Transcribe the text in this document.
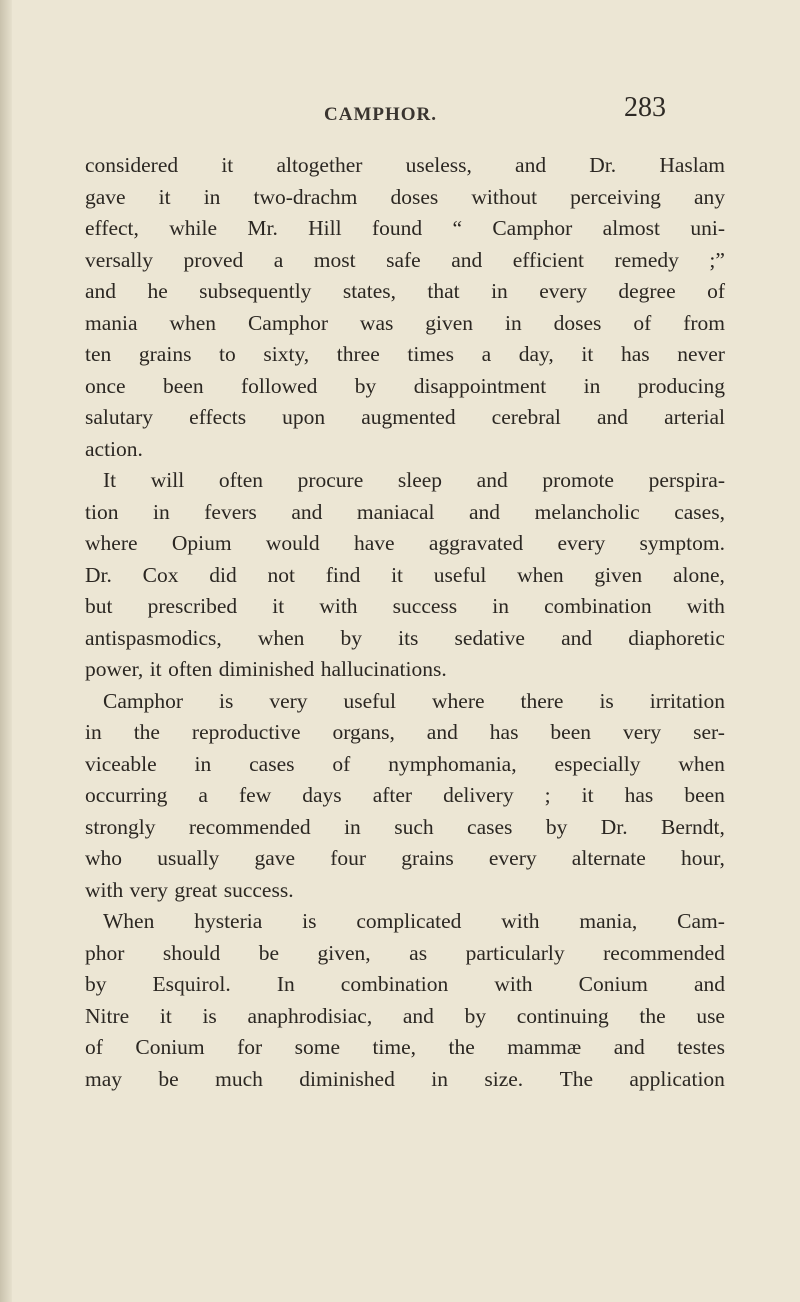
CAMPHOR.	283
considered it altogether useless, and Dr. Haslam
gave it in two-drachm doses without perceiving any
effect, while Mr. Hill found “ Camphor almost uni-
versally proved a most safe and efficient remedy ;”
and he subsequently states, that in every degree of
mania when Camphor was given in doses of from
ten grains to sixty, three times a day, it has never
once been followed by disappointment in producing
salutary effects upon augmented cerebral and arterial
action.
It will often procure sleep and promote perspira-
tion in fevers and maniacal and melancholic cases,
where Opium would have aggravated every symptom.
Dr. Cox did not find it useful when given alone,
but prescribed it with success in combination with
antispasmodics, when by its sedative and diaphoretic
power, it often diminished hallucinations.
Camphor is very useful where there is irritation
in the reproductive organs, and has been very ser-
viceable in cases of nymphomania, especially when
occurring a few days after delivery ; it has been
strongly recommended in such cases by Dr. Berndt,
who usually gave four grains every alternate hour,
with very great success.
When hysteria is complicated with mania, Cam-
phor should be given, as particularly recommended
by Esquirol. In combination with Conium and
Nitre it is anaphrodisiac, and by continuing the use
of Conium for some time, the mammæ and testes
may be much diminished in size. The application
